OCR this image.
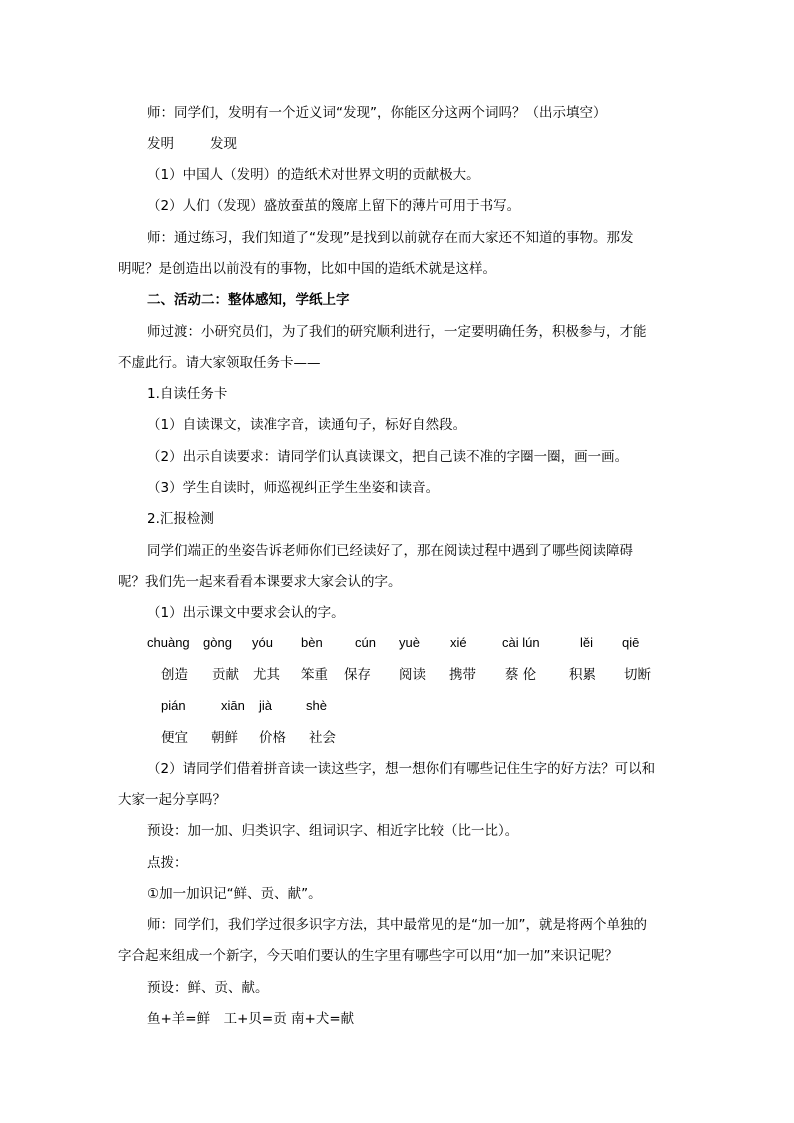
师：同学们，发明有一个近义词“发现”，你能区分这两个词吗？（出示填空）
发明	发现
（1）中国人（发明）的造纸术对世界文明的贡献极大。
（2）人们（发现）盛放蚕茧的篾席上留下的薄片可用于书写。
师：通过练习，我们知道了“发现”是找到以前就存在而大家还不知道的事物。那发
明呢？是创造出以前没有的事物，比如中国的造纸术就是这样。
二、活动二：整体感知，学纸上字
师过渡：小研究员们，为了我们的研究顺利进行，一定要明确任务，积极参与，才能
不虚此行。请大家领取任务卡——
1.自读任务卡
（1）自读课文，读准字音，读通句子，标好自然段。
（2）出示自读要求：请同学们认真读课文，把自己读不准的字圈一圈，画一画。
（3）学生自读时，师巡视纠正学生坐姿和读音。
2.汇报检测
同学们端正的坐姿告诉老师你们已经读好了，那在阅读过程中遇到了哪些阅读障碍
呢？我们先一起来看看本课要求大家会认的字。
（1）出示课文中要求会认的字。
chuàng gòng yóu bèn cún yuè xié	cài lún	lěi qiē
创造 贡献 尤其 笨重 保存 阅读 携带 蔡 伦 积累 切断
pián	xiān jià	shè
便宜 朝鲜 价格 社会
（2）请同学们借着拼音读一读这些字，想一想你们有哪些记住生字的好方法？可以和
大家一起分享吗？
预设：加一加、归类识字、组词识字、相近字比较（比一比）。
点拨：
①加一加识记“鲜、贡、献”。
师：同学们，我们学过很多识字方法，其中最常见的是“加一加”，就是将两个单独的
字合起来组成一个新字，今天咱们要认的生字里有哪些字可以用“加一加”来识记呢？
预设：鲜、贡、献。
鱼+羊=鲜　工+贝=贡 南+犬=献
